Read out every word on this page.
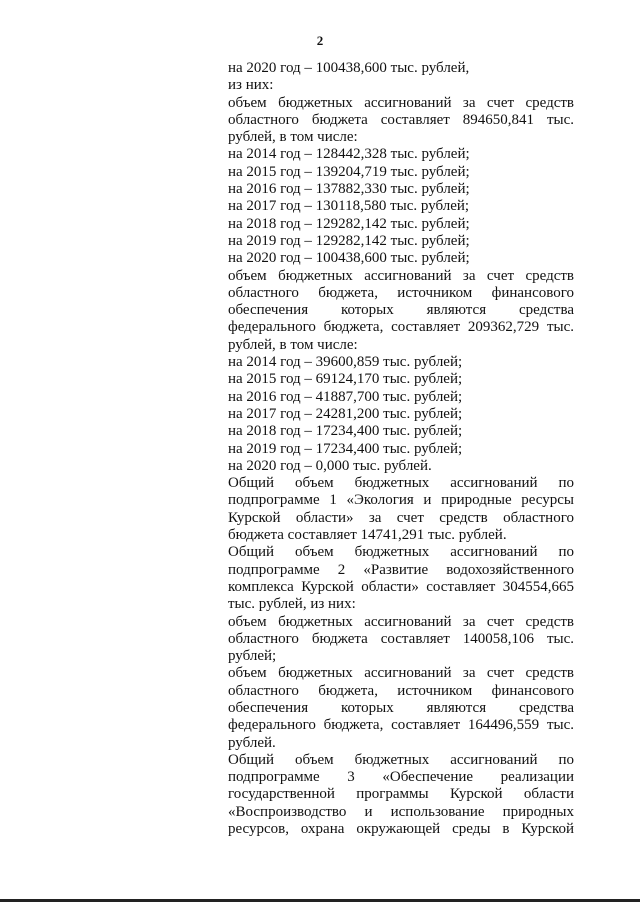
2
на 2020 год – 100438,600 тыс. рублей,
из них:
объем бюджетных ассигнований за счет средств
областного бюджета составляет 894650,841 тыс.
рублей, в том числе:
на 2014 год – 128442,328 тыс. рублей;
на 2015 год – 139204,719 тыс. рублей;
на 2016 год – 137882,330 тыс. рублей;
на 2017 год – 130118,580 тыс. рублей;
на 2018 год – 129282,142 тыс. рублей;
на 2019 год – 129282,142 тыс. рублей;
на 2020 год – 100438,600 тыс. рублей;
объем бюджетных ассигнований за счет средств
областного бюджета, источником финансового
обеспечения которых являются средства
федерального бюджета, составляет 209362,729 тыс.
рублей, в том числе:
на 2014 год – 39600,859 тыс. рублей;
на 2015 год – 69124,170 тыс. рублей;
на 2016 год – 41887,700 тыс. рублей;
на 2017 год – 24281,200 тыс. рублей;
на 2018 год – 17234,400 тыс. рублей;
на 2019 год – 17234,400 тыс. рублей;
на 2020 год – 0,000 тыс. рублей.
Общий объем бюджетных ассигнований по
подпрограмме 1 «Экология и природные ресурсы
Курской области» за счет средств областного
бюджета составляет 14741,291 тыс. рублей.
Общий объем бюджетных ассигнований по
подпрограмме 2 «Развитие водохозяйственного
комплекса Курской области» составляет 304554,665
тыс. рублей, из них:
объем бюджетных ассигнований за счет средств
областного бюджета составляет 140058,106 тыс.
рублей;
объем бюджетных ассигнований за счет средств
областного бюджета, источником финансового
обеспечения которых являются средства
федерального бюджета, составляет 164496,559 тыс.
рублей.
Общий объем бюджетных ассигнований по
подпрограмме 3 «Обеспечение реализации
государственной программы Курской области
«Воспроизводство и использование природных
ресурсов, охрана окружающей среды в Курской
